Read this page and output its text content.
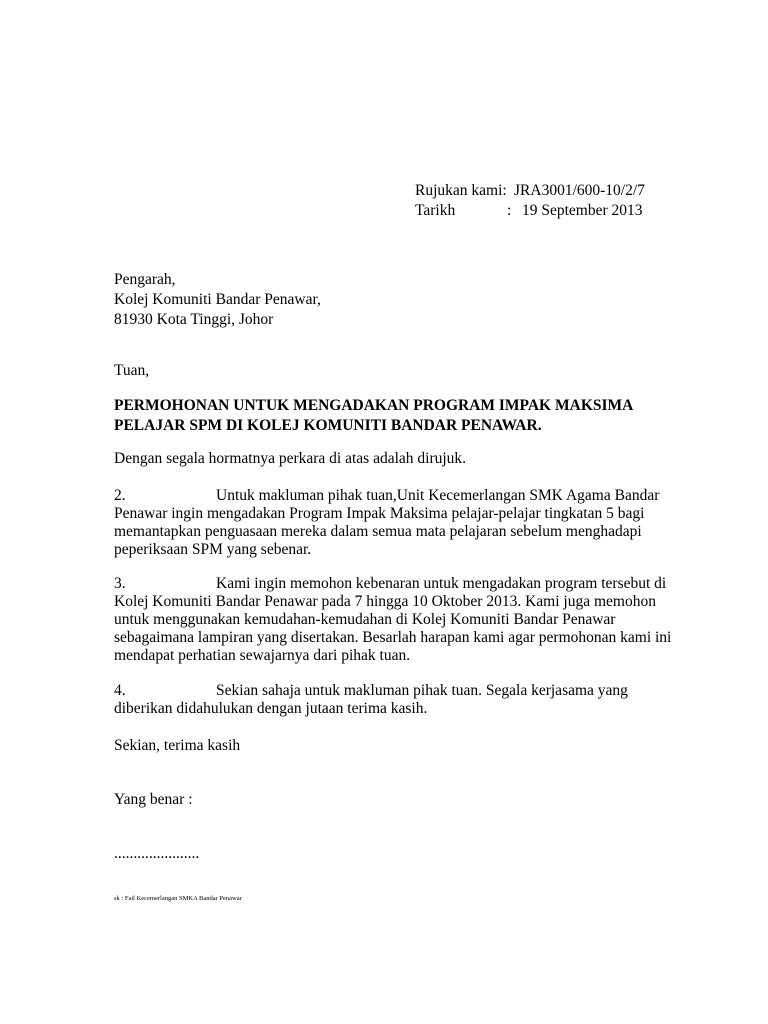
Rujukan kami: JRA3001/600-10/2/7
Tarikh	: 19 September 2013
Pengarah,
Kolej Komuniti Bandar Penawar,
81930 Kota Tinggi, Johor
Tuan,
PERMOHONAN UNTUK MENGADAKAN PROGRAM IMPAK MAKSIMA
PELAJAR SPM DI KOLEJ KOMUNITI BANDAR PENAWAR.
Dengan segala hormatnya perkara di atas adalah dirujuk.
2.	Untuk makluman pihak tuan,Unit Kecemerlangan SMK Agama Bandar
Penawar ingin mengadakan Program Impak Maksima pelajar-pelajar tingkatan 5 bagi
memantapkan penguasaan mereka dalam semua mata pelajaran sebelum menghadapi
peperiksaan SPM yang sebenar.
3.	Kami ingin memohon kebenaran untuk mengadakan program tersebut di
Kolej Komuniti Bandar Penawar pada 7 hingga 10 Oktober 2013. Kami juga memohon
untuk menggunakan kemudahan-kemudahan di Kolej Komuniti Bandar Penawar
sebagaimana lampiran yang disertakan. Besarlah harapan kami agar permohonan kami ini
mendapat perhatian sewajarnya dari pihak tuan.
4.	Sekian sahaja untuk makluman pihak tuan. Segala kerjasama yang
diberikan didahulukan dengan jutaan terima kasih.
Sekian, terima kasih
Yang benar :
......................
sk : Fail Kecemerlangan SMKA Bandar Penawar
